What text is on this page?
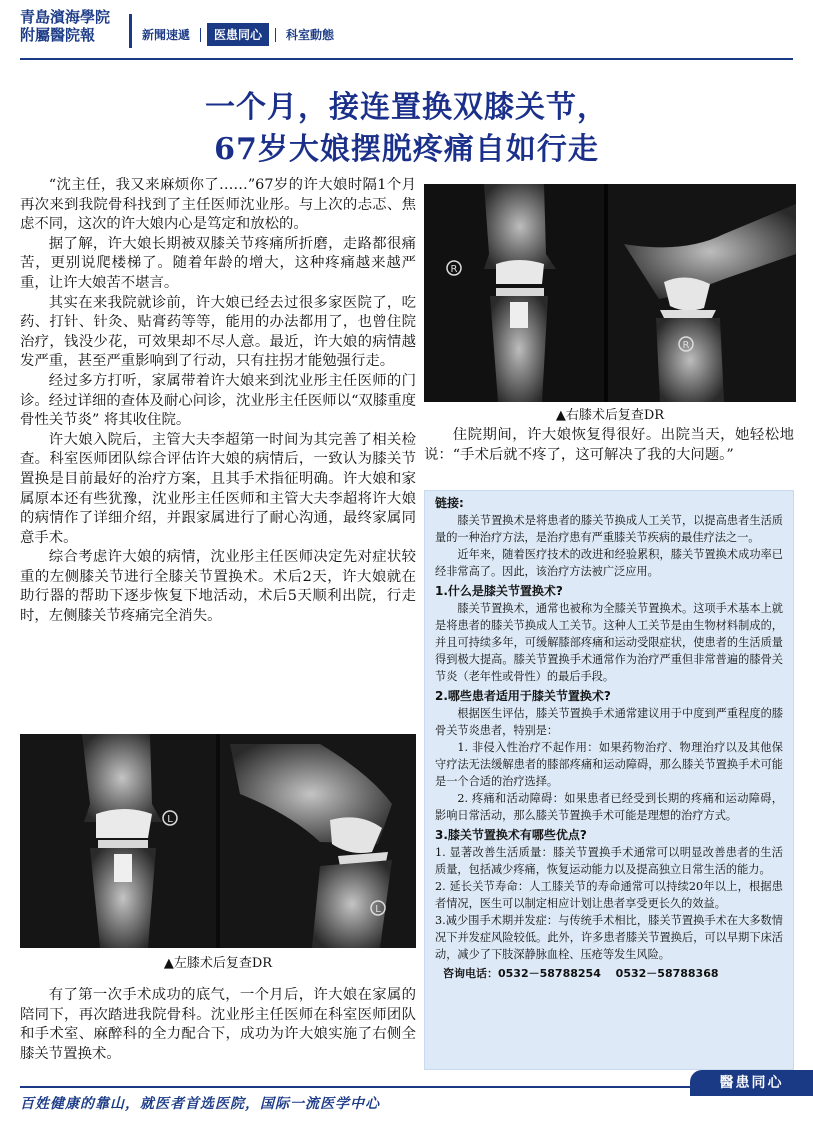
青島濱海學院
附屬醫院報	新聞速遞	医患同心	科室動態
一个月，接连置换双膝关节，
67岁大娘摆脱疼痛自如行走

“沈主任，我又来麻烦你了……”67岁的许大娘时隔1个月再次来到我院骨科找到了主任医师沈业彤。与上次的忐忑、焦虑不同，这次的许大娘内心是笃定和放松的。

据了解，许大娘长期被双膝关节疼痛所折磨，走路都很痛苦，更别说爬楼梯了。随着年龄的增大，这种疼痛越来越严重，让许大娘苦不堪言。

其实在来我院就诊前，许大娘已经去过很多家医院了，吃药、打针、针灸、贴膏药等等，能用的办法都用了，也曾住院治疗，钱没少花，可效果却不尽人意。最近，许大娘的病情越发严重，甚至严重影响到了行动，只有拄拐才能勉强行走。

经过多方打听，家属带着许大娘来到沈业彤主任医师的门诊。经过详细的查体及耐心问诊，沈业彤主任医师以“双膝重度骨性关节炎” 将其收住院。

许大娘入院后，主管大夫李超第一时间为其完善了相关检查。科室医师团队综合评估许大娘的病情后，一致认为膝关节置换是目前最好的治疗方案，且其手术指征明确。许大娘和家属原本还有些犹豫，沈业彤主任医师和主管大夫李超将许大娘的病情作了详细介绍，并跟家属进行了耐心沟通，最终家属同意手术。

综合考虑许大娘的病情，沈业彤主任医师决定先对症状较重的左侧膝关节进行全膝关节置换术。术后2天，许大娘就在助行器的帮助下逐步恢复下地活动，术后5天顺利出院，行走时，左侧膝关节疼痛完全消失。

R
R
▲右膝术后复查DR

住院期间，许大娘恢复得很好。出院当天，她轻松地说：“手术后就不疼了，这可解决了我的大问题。”

L
L
▲左膝术后复查DR

有了第一次手术成功的底气，一个月后，许大娘在家属的陪同下，再次踏进我院骨科。沈业彤主任医师在科室医师团队和手术室、麻醉科的全力配合下，成功为许大娘实施了右侧全膝关节置换术。

链接:

膝关节置换术是将患者的膝关节换成人工关节，以提高患者生活质量的一种治疗方法，是治疗患有严重膝关节疾病的最佳疗法之一。

近年来，随着医疗技术的改进和经验累积，膝关节置换术成功率已经非常高了。因此，该治疗方法被广泛应用。

1.什么是膝关节置换术?

膝关节置换术，通常也被称为全膝关节置换术。这项手术基本上就是将患者的膝关节换成人工关节。这种人工关节是由生物材料制成的，并且可持续多年，可缓解膝部疼痛和运动受限症状，使患者的生活质量得到极大提高。膝关节置换手术通常作为治疗严重但非常普遍的膝骨关节炎（老年性或骨性）的最后手段。

2.哪些患者适用于膝关节置换术?

根据医生评估，膝关节置换手术通常建议用于中度到严重程度的膝骨关节炎患者，特别是：

1. 非侵入性治疗不起作用：如果药物治疗、物理治疗以及其他保守疗法无法缓解患者的膝部疼痛和运动障碍，那么膝关节置换手术可能是一个合适的治疗选择。

2. 疼痛和活动障碍：如果患者已经受到长期的疼痛和运动障碍，影响日常活动，那么膝关节置换手术可能是理想的治疗方式。

3.膝关节置换术有哪些优点?

1. 显著改善生活质量：膝关节置换手术通常可以明显改善患者的生活质量，包括减少疼痛，恢复运动能力以及提高独立日常生活的能力。

2. 延长关节寿命：人工膝关节的寿命通常可以持续20年以上，根据患者情况，医生可以制定相应计划让患者享受更长久的效益。

3.减少围手术期并发症：与传统手术相比，膝关节置换手术在大多数情况下并发症风险较低。此外，许多患者膝关节置换后，可以早期下床活动，减少了下肢深静脉血栓、压疮等发生风险。

咨询电话：0532－58788254　 0532－58788368

百姓健康的靠山，就医者首选医院，国际一流医学中心
醫患同心
